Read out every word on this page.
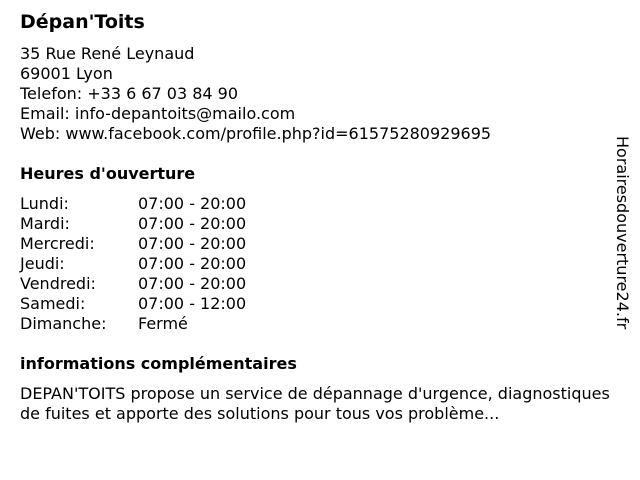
Dépan'Toits
35 Rue René Leynaud
69001 Lyon
Telefon: +33 6 67 03 84 90
Email: info-depantoits@mailo.com
Web: www.facebook.com/profile.php?id=61575280929695
Heures d'ouverture
Lundi:	07:00 - 20:00
Mardi:	07:00 - 20:00
Mercredi:	07:00 - 20:00
Jeudi:	07:00 - 20:00
Vendredi:	07:00 - 20:00
Samedi:	07:00 - 12:00
Dimanche: Fermé
informations complémentaires
DEPAN'TOITS propose un service de dépannage d'urgence, diagnostiques de fuites et apporte des solutions pour tous vos problème...
Horairesdouverture24.fr
